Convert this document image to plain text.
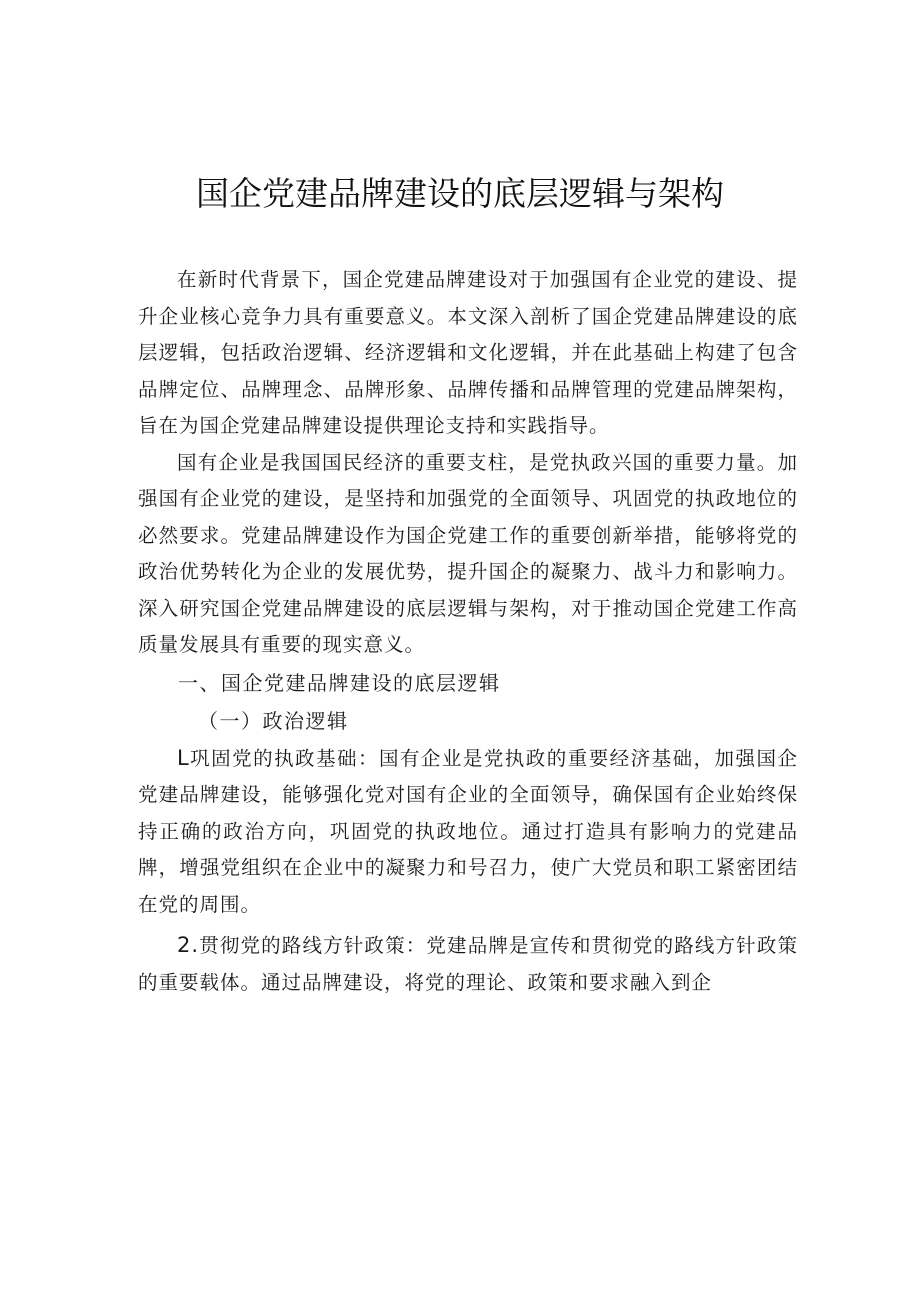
国企党建品牌建设的底层逻辑与架构

在新时代背景下，国企党建品牌建设对于加强国有企业党的建设、提升企业核心竞争力具有重要意义。本文深入剖析了国企党建品牌建设的底层逻辑，包括政治逻辑、经济逻辑和文化逻辑，并在此基础上构建了包含品牌定位、品牌理念、品牌形象、品牌传播和品牌管理的党建品牌架构，旨在为国企党建品牌建设提供理论支持和实践指导。

国有企业是我国国民经济的重要支柱，是党执政兴国的重要力量。加强国有企业党的建设，是坚持和加强党的全面领导、巩固党的执政地位的必然要求。党建品牌建设作为国企党建工作的重要创新举措，能够将党的政治优势转化为企业的发展优势，提升国企的凝聚力、战斗力和影响力。深入研究国企党建品牌建设的底层逻辑与架构，对于推动国企党建工作高质量发展具有重要的现实意义。

一、国企党建品牌建设的底层逻辑

（一）政治逻辑

L巩固党的执政基础：国有企业是党执政的重要经济基础，加强国企党建品牌建设，能够强化党对国有企业的全面领导，确保国有企业始终保持正确的政治方向，巩固党的执政地位。通过打造具有影响力的党建品牌，增强党组织在企业中的凝聚力和号召力，使广大党员和职工紧密团结在党的周围。

2.贯彻党的路线方针政策：党建品牌是宣传和贯彻党的路线方针政策的重要载体。通过品牌建设，将党的理论、政策和要求融入到企
